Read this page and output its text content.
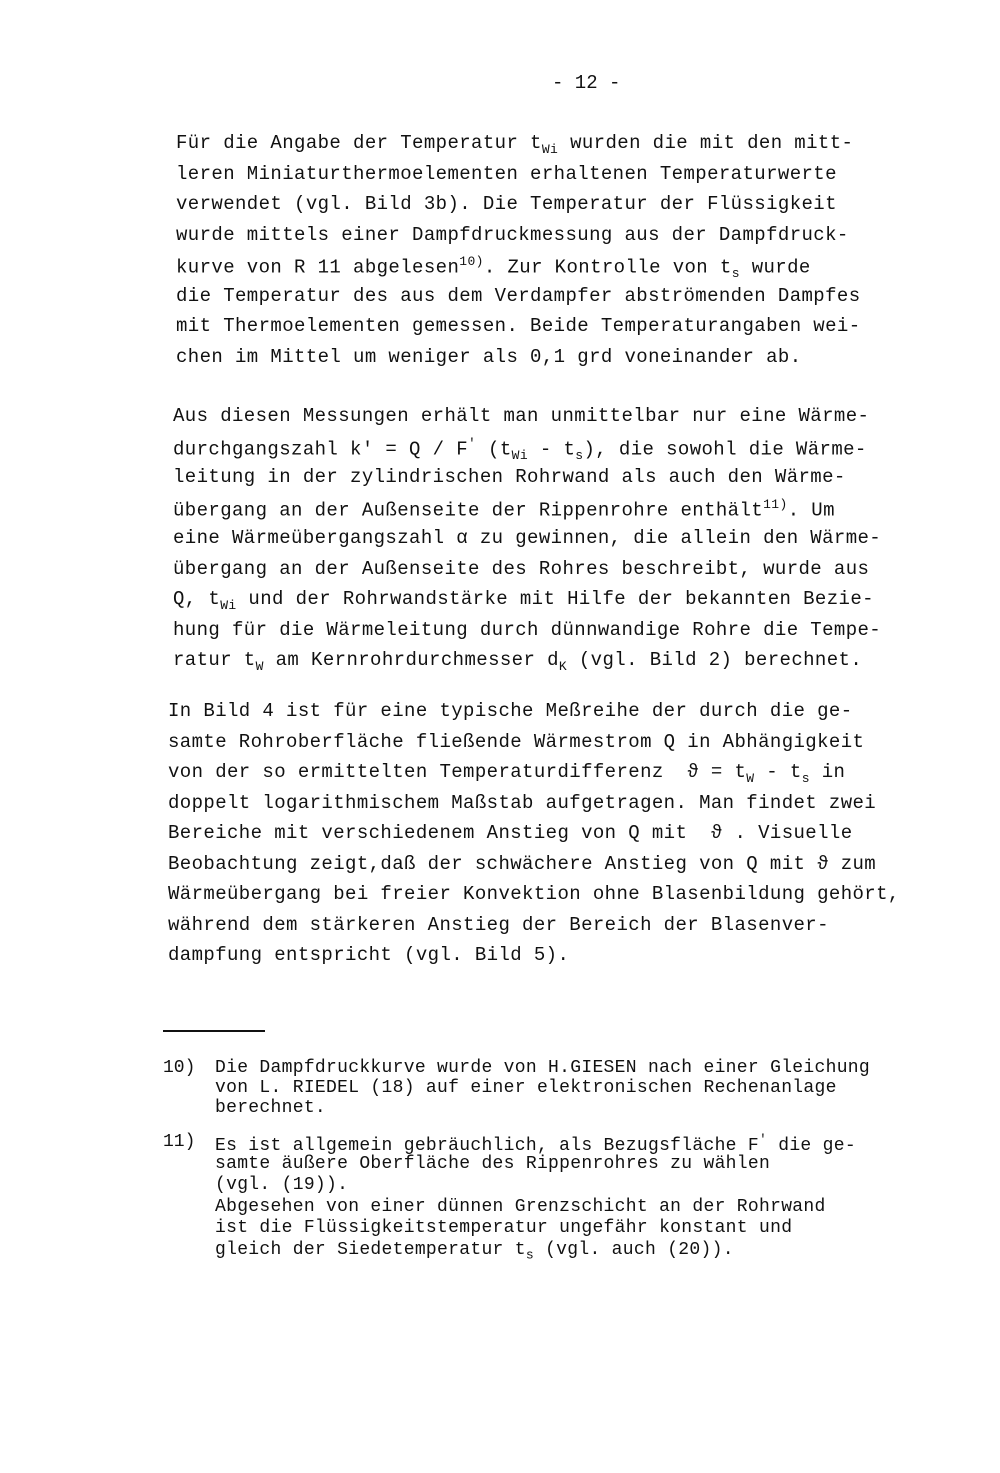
- 12 -
Für die Angabe der Temperatur $t_{Wi}$ wurden die mit den mitt-
leren Miniaturthermoelementen erhaltenen Temperaturwerte
verwendet (vgl. Bild 3b). Die Temperatur der Flüssigkeit
wurde mittels einer Dampfdruckmessung aus der Dampfdruck-
kurve von R 11 abgelesen$^{10)}$. Zur Kontrolle von $t_s$ wurde
die Temperatur des aus dem Verdampfer abströmenden Dampfes
mit Thermoelementen gemessen. Beide Temperaturangaben wei-
chen im Mittel um weniger als 0,1 grd voneinander ab.
Aus diesen Messungen erhält man unmittelbar nur eine Wärme-
durchgangszahl k' = Q / F' $(t_{Wi} - t_s)$, die sowohl die Wärme-
leitung in der zylindrischen Rohrwand als auch den Wärme-
übergang an der Außenseite der Rippenrohre enthält$^{11)}$. Um
eine Wärmeübergangszahl α zu gewinnen, die allein den Wärme-
übergang an der Außenseite des Rohres beschreibt, wurde aus
Q, $t_{Wi}$ und der Rohrwandstärke mit Hilfe der bekannten Bezie-
hung für die Wärmeleitung durch dünnwandige Rohre die Tempe-
ratur $t_W$ am Kernrohrdurchmesser $d_K$ (vgl. Bild 2) berechnet.
In Bild 4 ist für eine typische Meßreihe der durch die ge-
samte Rohroberfläche fließende Wärmestrom Q in Abhängigkeit
von der so ermittelten Temperaturdifferenz  $ϑ = t_W - t_s$ in
doppelt logarithmischem Maßstab aufgetragen. Man findet zwei
Bereiche mit verschiedenem Anstieg von Q mit  ϑ . Visuelle
Beobachtung zeigt,daß der schwächere Anstieg von Q mit ϑ zum
Wärmeübergang bei freier Konvektion ohne Blasenbildung gehört,
während dem stärkeren Anstieg der Bereich der Blasenver-
dampfung entspricht (vgl. Bild 5).
10) Die Dampfdruckkurve wurde von H.GIESEN nach einer Gleichung
von L. RIEDEL (18) auf einer elektronischen Rechenanlage
berechnet.
11) Es ist allgemein gebräuchlich, als Bezugsfläche F' die ge-
samte äußere Oberfläche des Rippenrohres zu wählen
(vgl. (19)).
Abgesehen von einer dünnen Grenzschicht an der Rohrwand
ist die Flüssigkeitstemperatur ungefähr konstant und
gleich der Siedetemperatur $t_s$ (vgl. auch (20)).
